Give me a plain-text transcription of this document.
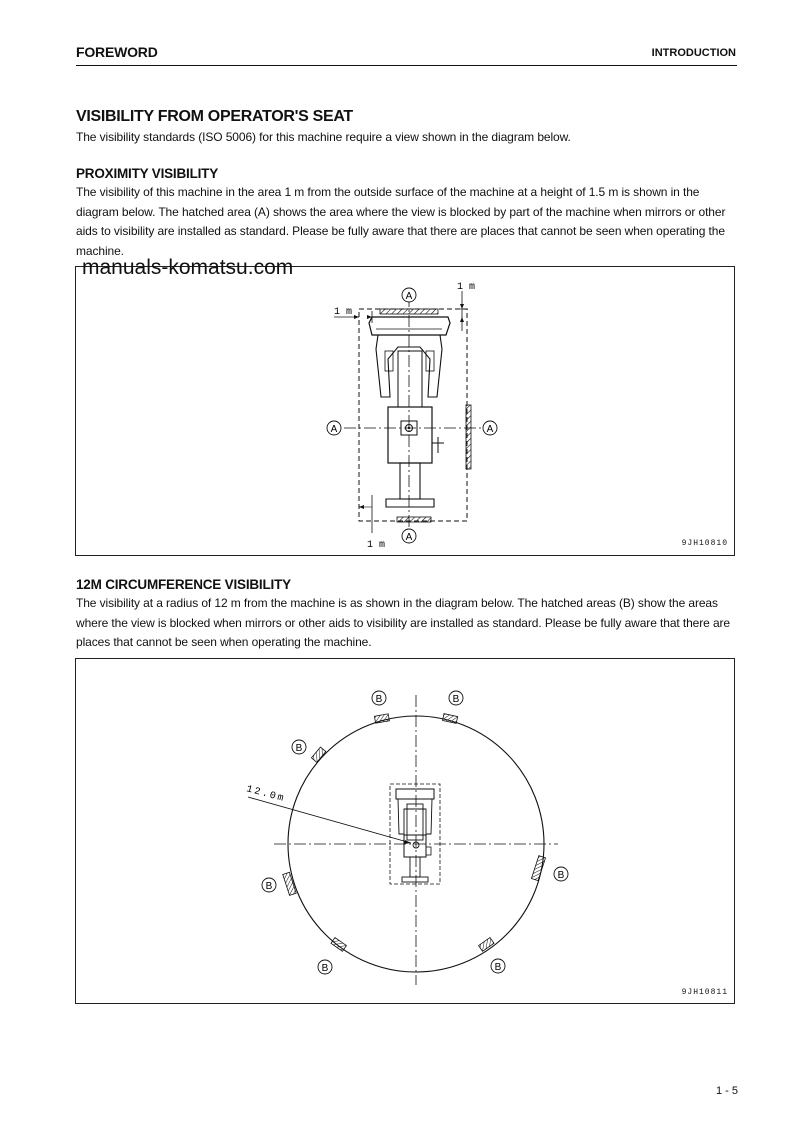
FOREWORD	INTRODUCTION
VISIBILITY FROM OPERATOR'S SEAT
The visibility standards (ISO 5006) for this machine require a view shown in the diagram below.
PROXIMITY VISIBILITY
The visibility of this machine in the area 1 m from the outside surface of the machine at a height of 1.5 m is shown in the diagram below. The hatched area (A) shows the area where the view is blocked by part of the machine when mirrors or other aids to visibility are installed as standard. Please be fully aware that there are places that cannot be seen when operating the machine.
1 m
1 m
1 m
A
A	A
A
9JH10810
manuals-komatsu.com
12M CIRCUMFERENCE VISIBILITY
The visibility at a radius of 12 m from the machine is as shown in the diagram below. The hatched areas (B) show the areas where the view is blocked when mirrors or other aids to visibility are installed as standard. Please be fully aware that there are places that cannot be seen when operating the machine.
12.0m
B	B
B
B
B
B	B
9JH10811
1 - 5
